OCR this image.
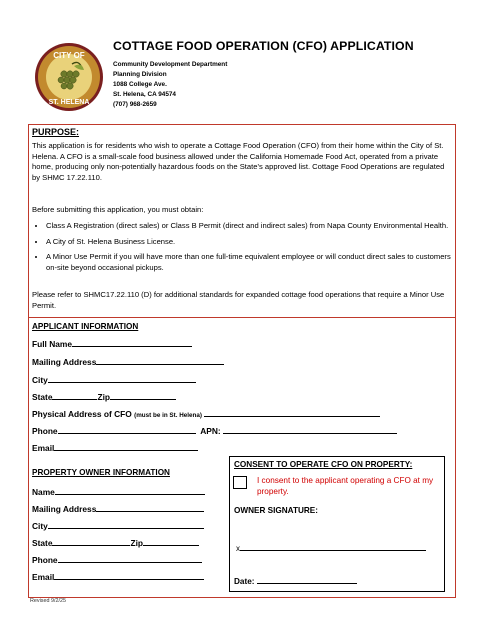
CITY OF
ST. HELENA
COTTAGE FOOD OPERATION (CFO) APPLICATION
Community Development Department
Planning Division
1088 College Ave.
St. Helena, CA 94574
(707) 968-2659
PURPOSE:
This application is for residents who wish to operate a Cottage Food Operation (CFO) from their home within the City of St. Helena. A CFO is a small-scale food business allowed under the California Homemade Food Act, operated from a private home, producing only non-potentially hazardous foods on the State’s approved list. Cottage Food Operations are regulated by SHMC 17.22.110.
Before submitting this application, you must obtain:
• Class A Registration (direct sales) or Class B Permit (direct and indirect sales) from Napa County Environmental Health.
• A City of St. Helena Business License.
• A Minor Use Permit if you will have more than one full-time equivalent employee or will conduct direct sales to customers on-site beyond occasional pickups.
Please refer to SHMC17.22.110 (D) for additional standards for expanded cottage food operations that require a Minor Use Permit.
APPLICANT INFORMATION
Full Name
Mailing Address
City
State	Zip
Physical Address of CFO (must be in St. Helena)
Phone	APN:
Email
PROPERTY OWNER INFORMATION
Name
Mailing Address
City
State	Zip
Phone
Email
CONSENT TO OPERATE CFO ON PROPERTY:
I consent to the applicant operating a CFO at my property.
OWNER SIGNATURE:
x
Date:
Revised 9/2/25
